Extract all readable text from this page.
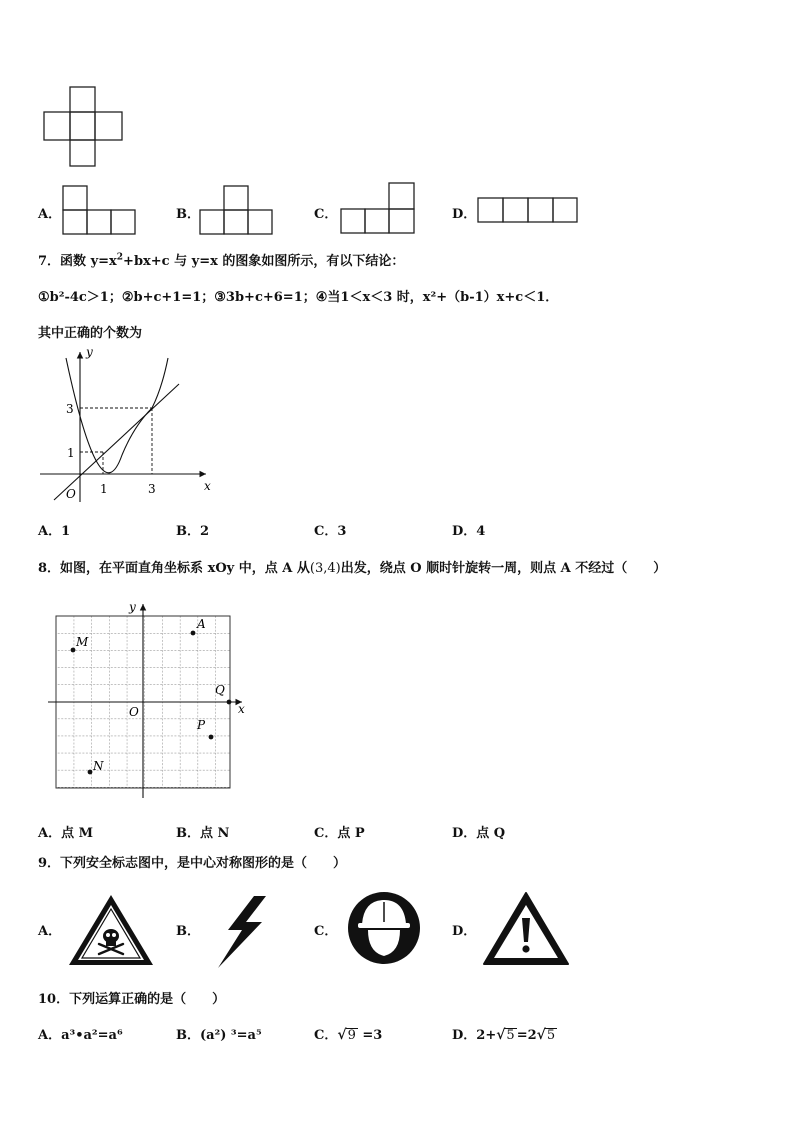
A．	B．	C．	D．
7．函数 $y=x^2+bx+c$ 与 y=x 的图象如图所示，有以下结论：
①b²-4c＞1；②b+c+1=1；③3b+c+6=1；④当1＜x＜3 时，x²+（b-1）x+c＜1．
其中正确的个数为
y
x
O 1	3
1
3
A．1	B．2	C．3	D．4
8．如图，在平面直角坐标系 xOy 中，点 A 从(3,4)出发，绕点 O 顺时针旋转一周，则点 A 不经过（　　）
y
x
O
A
M
Q
P
N
A．点 M	B．点 N	C．点 P	D．点 Q
9．下列安全标志图中，是中心对称图形的是（　　）
A．	B．	C．	D．
10．下列运算正确的是（　　）
A．a³•a²=a⁶	B．(a²) ³=a⁵	C．√9 =3	D．2+√5 =2√5
